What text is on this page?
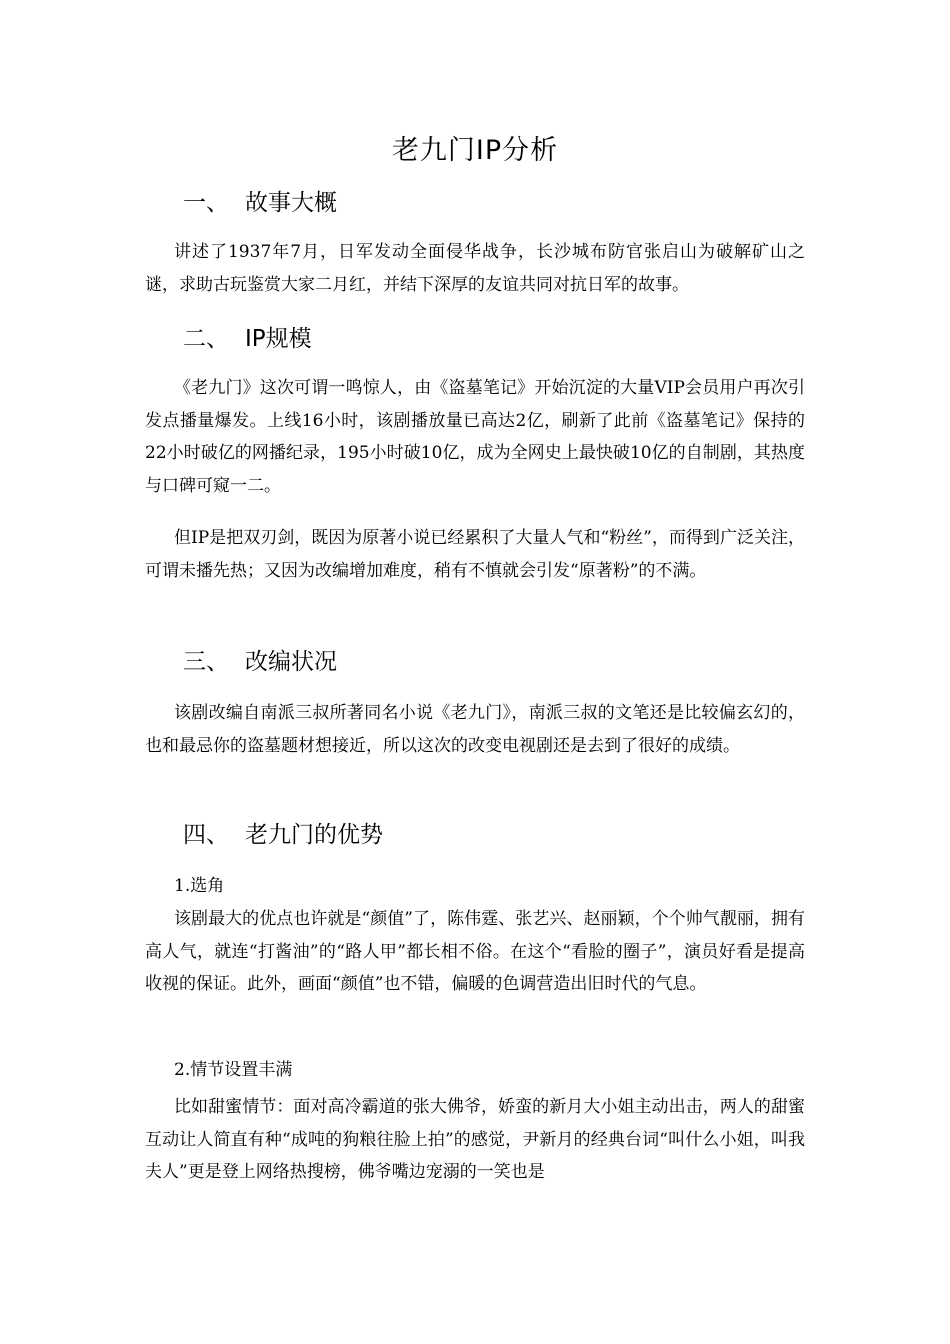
老九门IP分析
一、 故事大概

讲述了1937年7月，日军发动全面侵华战争，长沙城布防官张启山为破解矿山之谜，求助古玩鉴赏大家二月红，并结下深厚的友谊共同对抗日军的故事。

二、 IP规模

《老九门》这次可谓一鸣惊人，由《盗墓笔记》开始沉淀的大量VIP会员用户再次引发点播量爆发。上线16小时，该剧播放量已高达2亿，刷新了此前《盗墓笔记》保持的22小时破亿的网播纪录，195小时破10亿，成为全网史上最快破10亿的自制剧，其热度与口碑可窥一二。

但IP是把双刃剑，既因为原著小说已经累积了大量人气和“粉丝”，而得到广泛关注，可谓未播先热；又因为改编增加难度，稍有不慎就会引发“原著粉”的不满。

三、 改编状况

该剧改编自南派三叔所著同名小说《老九门》，南派三叔的文笔还是比较偏玄幻的，也和最忌你的盗墓题材想接近，所以这次的改变电视剧还是去到了很好的成绩。

四、 老九门的优势
1.选角

该剧最大的优点也许就是“颜值”了，陈伟霆、张艺兴、赵丽颖，个个帅气靓丽，拥有高人气，就连“打酱油”的“路人甲”都长相不俗。在这个“看脸的圈子”，演员好看是提高收视的保证。此外，画面“颜值”也不错，偏暖的色调营造出旧时代的气息。

2.情节设置丰满

比如甜蜜情节：面对高冷霸道的张大佛爷，娇蛮的新月大小姐主动出击，两人的甜蜜互动让人简直有种“成吨的狗粮往脸上拍”的感觉，尹新月的经典台词“叫什么小姐，叫我夫人”更是登上网络热搜榜，佛爷嘴边宠溺的一笑也是
